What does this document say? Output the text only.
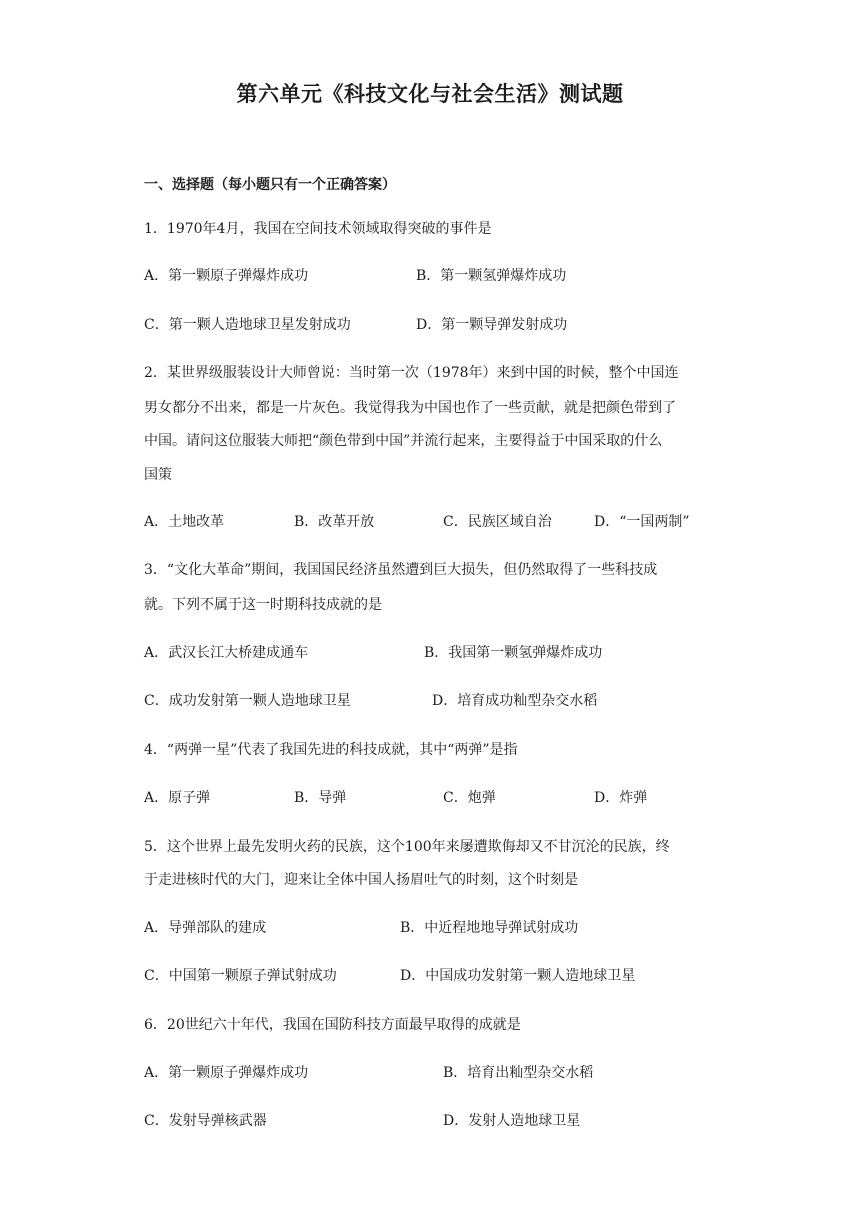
第六单元《科技文化与社会生活》测试题
一、选择题（每小题只有一个正确答案）
1．1970年4月，我国在空间技术领域取得突破的事件是
A．第一颗原子弹爆炸成功	B．第一颗氢弹爆炸成功
C．第一颗人造地球卫星发射成功	D．第一颗导弹发射成功
2．某世界级服装设计大师曾说：当时第一次（1978年）来到中国的时候，整个中国连
男女都分不出来，都是一片灰色。我觉得我为中国也作了一些贡献，就是把颜色带到了
中国。请问这位服装大师把“颜色带到中国”并流行起来，主要得益于中国采取的什么
国策
A．土地改革	B．改革开放	C．民族区域自治	D．“一国两制”
3．“文化大革命”期间，我国国民经济虽然遭到巨大损失，但仍然取得了一些科技成
就。下列不属于这一时期科技成就的是
A．武汉长江大桥建成通车	B．我国第一颗氢弹爆炸成功
C．成功发射第一颗人造地球卫星	D．培育成功籼型杂交水稻
4．“两弹一星”代表了我国先进的科技成就，其中“两弹”是指
A．原子弹	B．导弹	C．炮弹	D．炸弹
5．这个世界上最先发明火药的民族，这个100年来屡遭欺侮却又不甘沉沦的民族，终
于走进核时代的大门，迎来让全体中国人扬眉吐气的时刻，这个时刻是
A．导弹部队的建成	B．中近程地地导弹试射成功
C．中国第一颗原子弹试射成功	D．中国成功发射第一颗人造地球卫星
6．20世纪六十年代，我国在国防科技方面最早取得的成就是
A．第一颗原子弹爆炸成功	B．培育出籼型杂交水稻
C．发射导弹核武器	D．发射人造地球卫星
